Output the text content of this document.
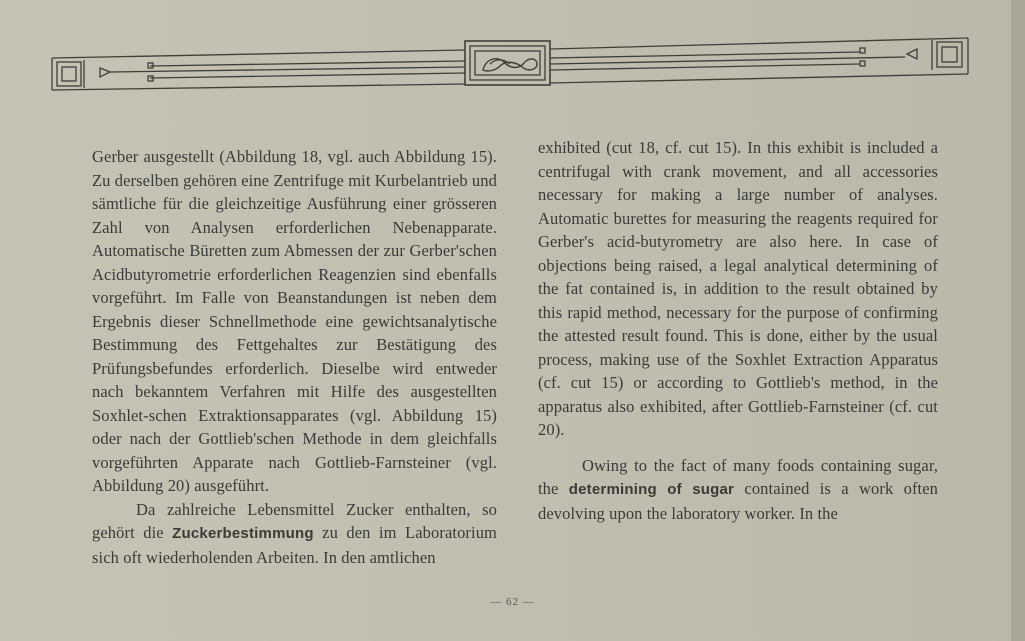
Gerber ausgestellt (Abbildung 18, vgl. auch Abbildung 15). Zu derselben gehören eine Zentrifuge mit Kurbelantrieb und sämtliche für die gleichzeitige Ausführung einer grösseren Zahl von Analysen erforderlichen Nebenapparate. Automatische Büretten zum Abmessen der zur Gerber'schen Acidbutyrometrie erforderlichen Reagenzien sind ebenfalls vorgeführt. Im Falle von Beanstandungen ist neben dem Ergebnis dieser Schnellmethode eine gewichtsanalytische Bestimmung des Fettgehaltes zur Bestätigung des Prüfungsbefundes erforderlich. Dieselbe wird entweder nach bekanntem Verfahren mit Hilfe des ausgestellten Soxhlet-schen Extraktionsapparates (vgl. Abbildung 15) oder nach der Gottlieb'schen Methode in dem gleichfalls vorgeführten Apparate nach Gottlieb-Farnsteiner (vgl. Abbildung 20) ausgeführt.

Da zahlreiche Lebensmittel Zucker enthalten, so gehört die Zuckerbestimmung zu den im Laboratorium sich oft wiederholenden Arbeiten. In den amtlichen

exhibited (cut 18, cf. cut 15). In this exhibit is included a centrifugal with crank movement, and all accessories necessary for making a large number of analyses. Automatic burettes for measuring the reagents required for Gerber's acid-butyrometry are also here. In case of objections being raised, a legal analytical determining of the fat contained is, in addition to the result obtained by this rapid method, necessary for the purpose of confirming the attested result found. This is done, either by the usual process, making use of the Soxhlet Extraction Apparatus (cf. cut 15) or according to Gottlieb's method, in the apparatus also exhibited, after Gottlieb-Farnsteiner (cf. cut 20).

Owing to the fact of many foods containing sugar, the determining of sugar contained is a work often devolving upon the laboratory worker. In the

— 62 —
